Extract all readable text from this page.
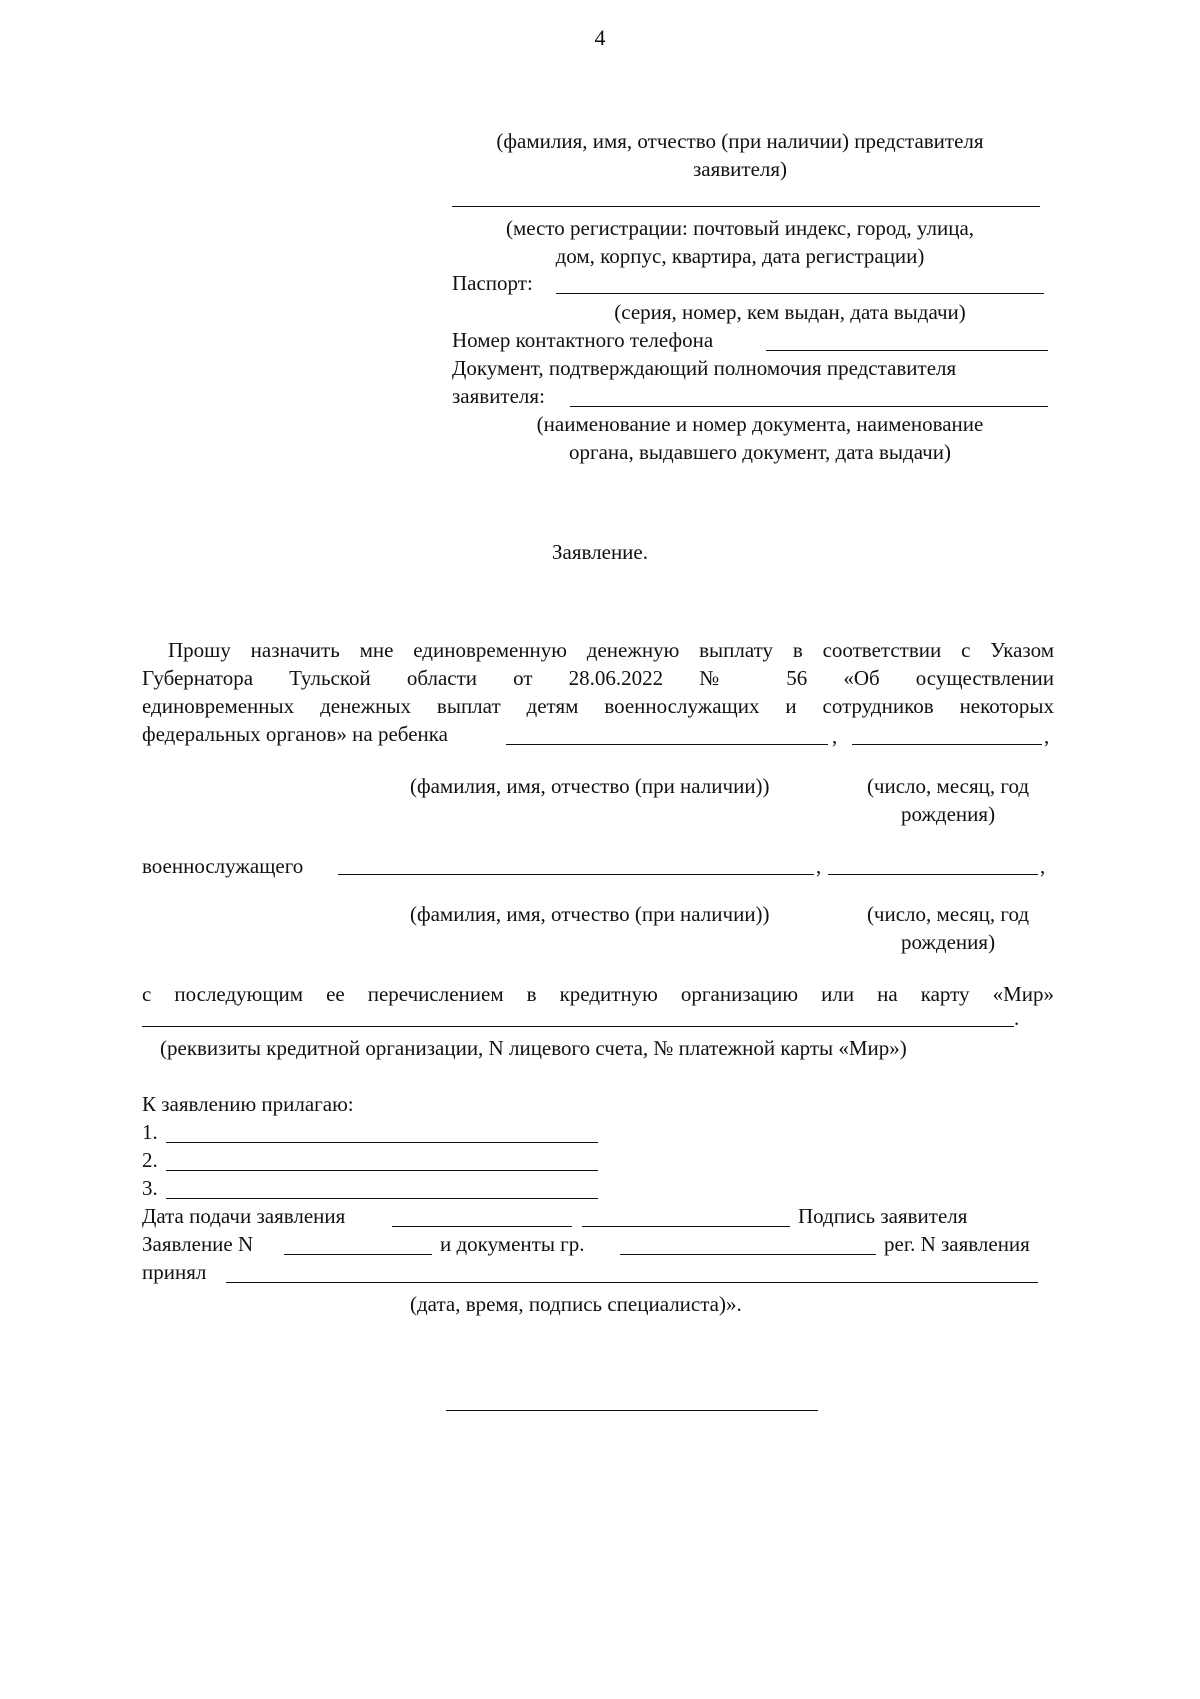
4
(фамилия, имя, отчество (при наличии) представителя
заявителя)
(место регистрации: почтовый индекс, город, улица,
дом, корпус, квартира, дата регистрации)
Паспорт:
(серия, номер, кем выдан, дата выдачи)
Номер контактного телефона
Документ, подтверждающий полномочия представителя
заявителя:
(наименование и номер документа, наименование
органа, выдавшего документ, дата выдачи)
Заявление.
Прошу назначить мне единовременную денежную выплату в соответствии с Указом
Губернатора Тульской области от 28.06.2022 № 56 «Об осуществлении
единовременных денежных выплат детям военнослужащих и сотрудников некоторых
федеральных органов» на ребенка	,	,
(фамилия, имя, отчество (при наличии))	(число, месяц, год
рождения)
военнослужащего	,	,
(фамилия, имя, отчество (при наличии))	(число, месяц, год
рождения)
с последующим ее перечислением в кредитную организацию или на карту «Мир»
.
(реквизиты кредитной организации, N лицевого счета, № платежной карты «Мир»)
К заявлению прилагаю:
1.
2.
3.
Дата подачи заявления	Подпись заявителя
Заявление N	и документы гр.	рег. N заявления
принял
(дата, время, подпись специалиста)».
